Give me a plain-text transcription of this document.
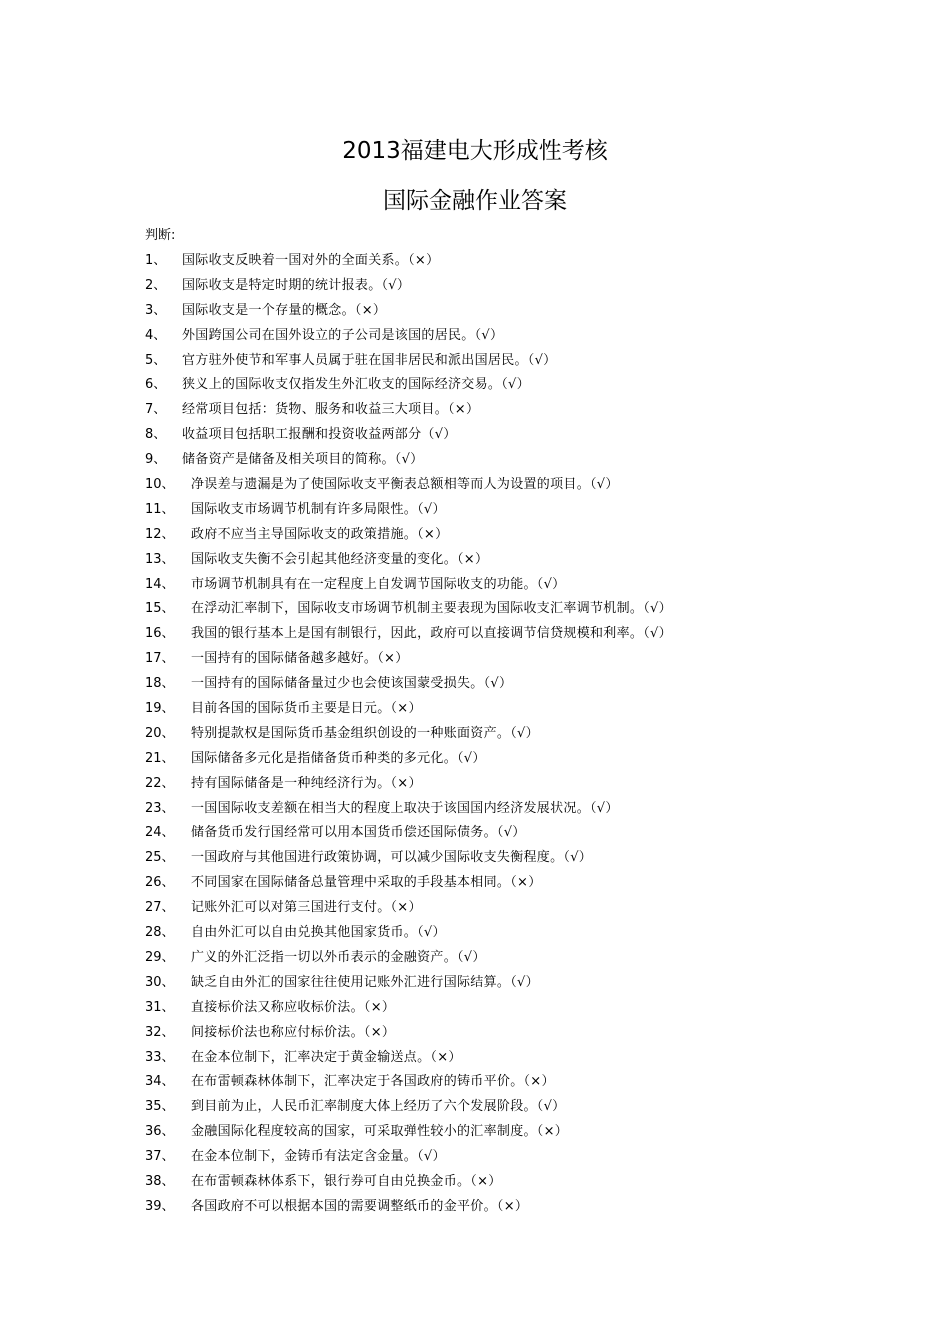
2013福建电大形成性考核
国际金融作业答案
判断:
1、 国际收支反映着一国对外的全面关系。（×）
2、 国际收支是特定时期的统计报表。（√）
3、 国际收支是一个存量的概念。（×）
4、 外国跨国公司在国外设立的子公司是该国的居民。（√）
5、 官方驻外使节和军事人员属于驻在国非居民和派出国居民。（√）
6、 狭义上的国际收支仅指发生外汇收支的国际经济交易。（√）
7、 经常项目包括：货物、服务和收益三大项目。（×）
8、 收益项目包括职工报酬和投资收益两部分（√）
9、 储备资产是储备及相关项目的简称。（√）
10、 净误差与遗漏是为了使国际收支平衡表总额相等而人为设置的项目。（√）
11、 国际收支市场调节机制有许多局限性。（√）
12、 政府不应当主导国际收支的政策措施。（×）
13、 国际收支失衡不会引起其他经济变量的变化。（×）
14、 市场调节机制具有在一定程度上自发调节国际收支的功能。（√）
15、 在浮动汇率制下，国际收支市场调节机制主要表现为国际收支汇率调节机制。（√）
16、 我国的银行基本上是国有制银行，因此，政府可以直接调节信贷规模和利率。（√）
17、 一国持有的国际储备越多越好。（×）
18、 一国持有的国际储备量过少也会使该国蒙受损失。（√）
19、 目前各国的国际货币主要是日元。（×）
20、 特别提款权是国际货币基金组织创设的一种账面资产。（√）
21、 国际储备多元化是指储备货币种类的多元化。（√）
22、 持有国际储备是一种纯经济行为。（×）
23、 一国国际收支差额在相当大的程度上取决于该国国内经济发展状况。（√）
24、 储备货币发行国经常可以用本国货币偿还国际债务。（√）
25、 一国政府与其他国进行政策协调，可以减少国际收支失衡程度。（√）
26、 不同国家在国际储备总量管理中采取的手段基本相同。（×）
27、 记账外汇可以对第三国进行支付。（×）
28、 自由外汇可以自由兑换其他国家货币。（√）
29、 广义的外汇泛指一切以外币表示的金融资产。（√）
30、 缺乏自由外汇的国家往往使用记账外汇进行国际结算。（√）
31、 直接标价法又称应收标价法。（×）
32、 间接标价法也称应付标价法。（×）
33、 在金本位制下，汇率决定于黄金输送点。（×）
34、 在布雷顿森林体制下，汇率决定于各国政府的铸币平价。（×）
35、 到目前为止，人民币汇率制度大体上经历了六个发展阶段。（√）
36、 金融国际化程度较高的国家，可采取弹性较小的汇率制度。（×）
37、 在金本位制下，金铸币有法定含金量。（√）
38、 在布雷顿森林体系下，银行券可自由兑换金币。（×）
39、 各国政府不可以根据本国的需要调整纸币的金平价。（×）
